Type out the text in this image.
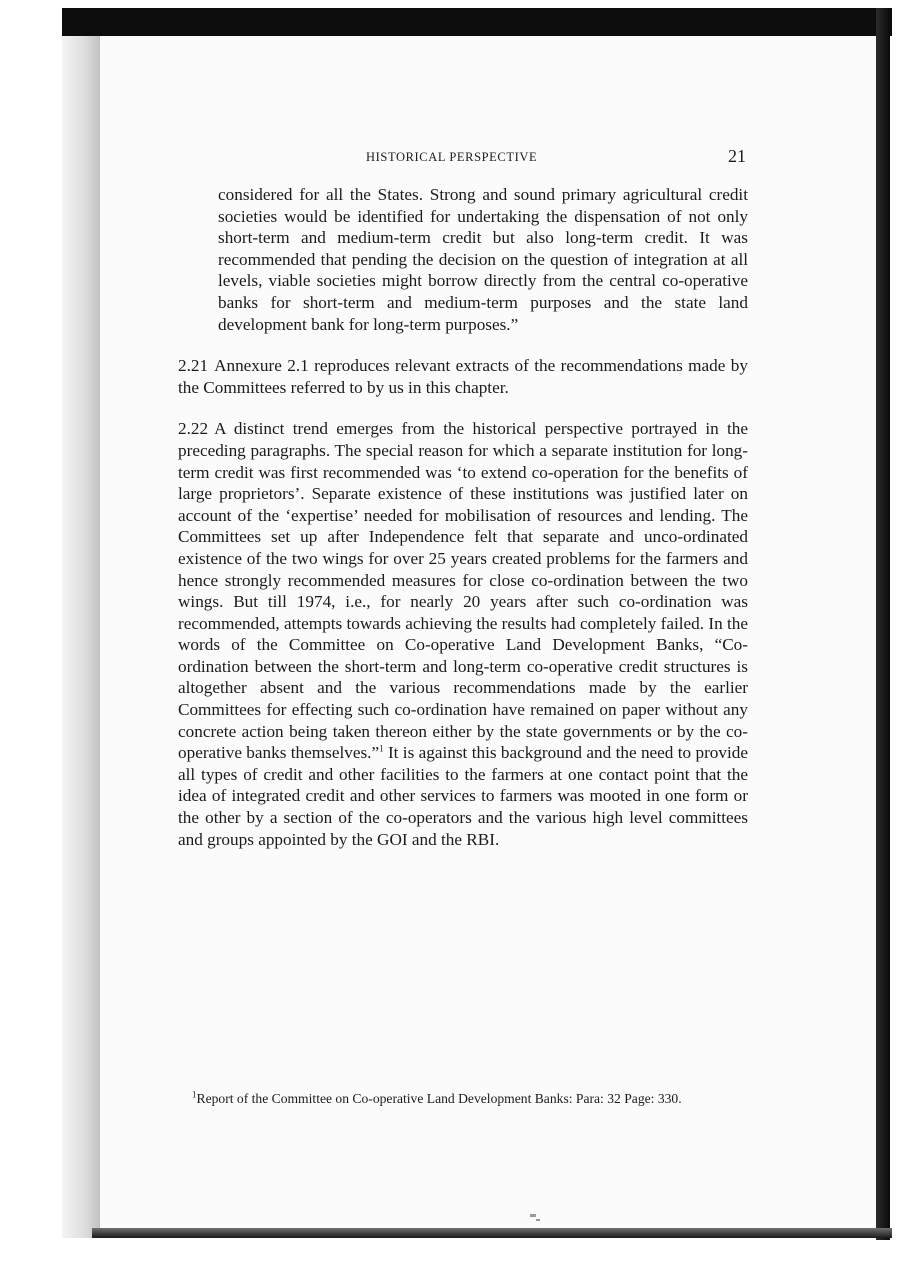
HISTORICAL PERSPECTIVE	21

considered for all the States. Strong and sound primary agricultural credit societies would be identified for undertaking the dispensation of not only short-term and medium-term credit but also long-term credit. It was recommended that pending the decision on the question of integration at all levels, viable societies might borrow directly from the central co-operative banks for short-term and medium-term purposes and the state land development bank for long-term purposes.”

2.21 Annexure 2.1 reproduces relevant extracts of the recommendations made by the Committees referred to by us in this chapter.

2.22 A distinct trend emerges from the historical perspective portrayed in the preceding paragraphs. The special reason for which a separate institution for long-term credit was first recommended was ‘to extend co-operation for the benefits of large proprietors’. Separate existence of these institutions was justified later on account of the ‘expertise’ needed for mobilisation of resources and lending. The Committees set up after Independence felt that separate and unco-ordinated existence of the two wings for over 25 years created problems for the farmers and hence strongly recommended measures for close co-ordination between the two wings. But till 1974, i.e., for nearly 20 years after such co-ordination was recommended, attempts towards achieving the results had completely failed. In the words of the Committee on Co-operative Land Development Banks, “Co-ordination between the short-term and long-term co-operative credit structures is altogether absent and the various recommendations made by the earlier Committees for effecting such co-ordination have remained on paper without any concrete action being taken thereon either by the state governments or by the co-operative banks themselves.”$^1$ It is against this background and the need to provide all types of credit and other facilities to the farmers at one contact point that the idea of integrated credit and other services to farmers was mooted in one form or the other by a section of the co-operators and the various high level committees and groups appointed by the GOI and the RBI.

$^1$Report of the Committee on Co-operative Land Development Banks: Para: 32 Page: 330.
